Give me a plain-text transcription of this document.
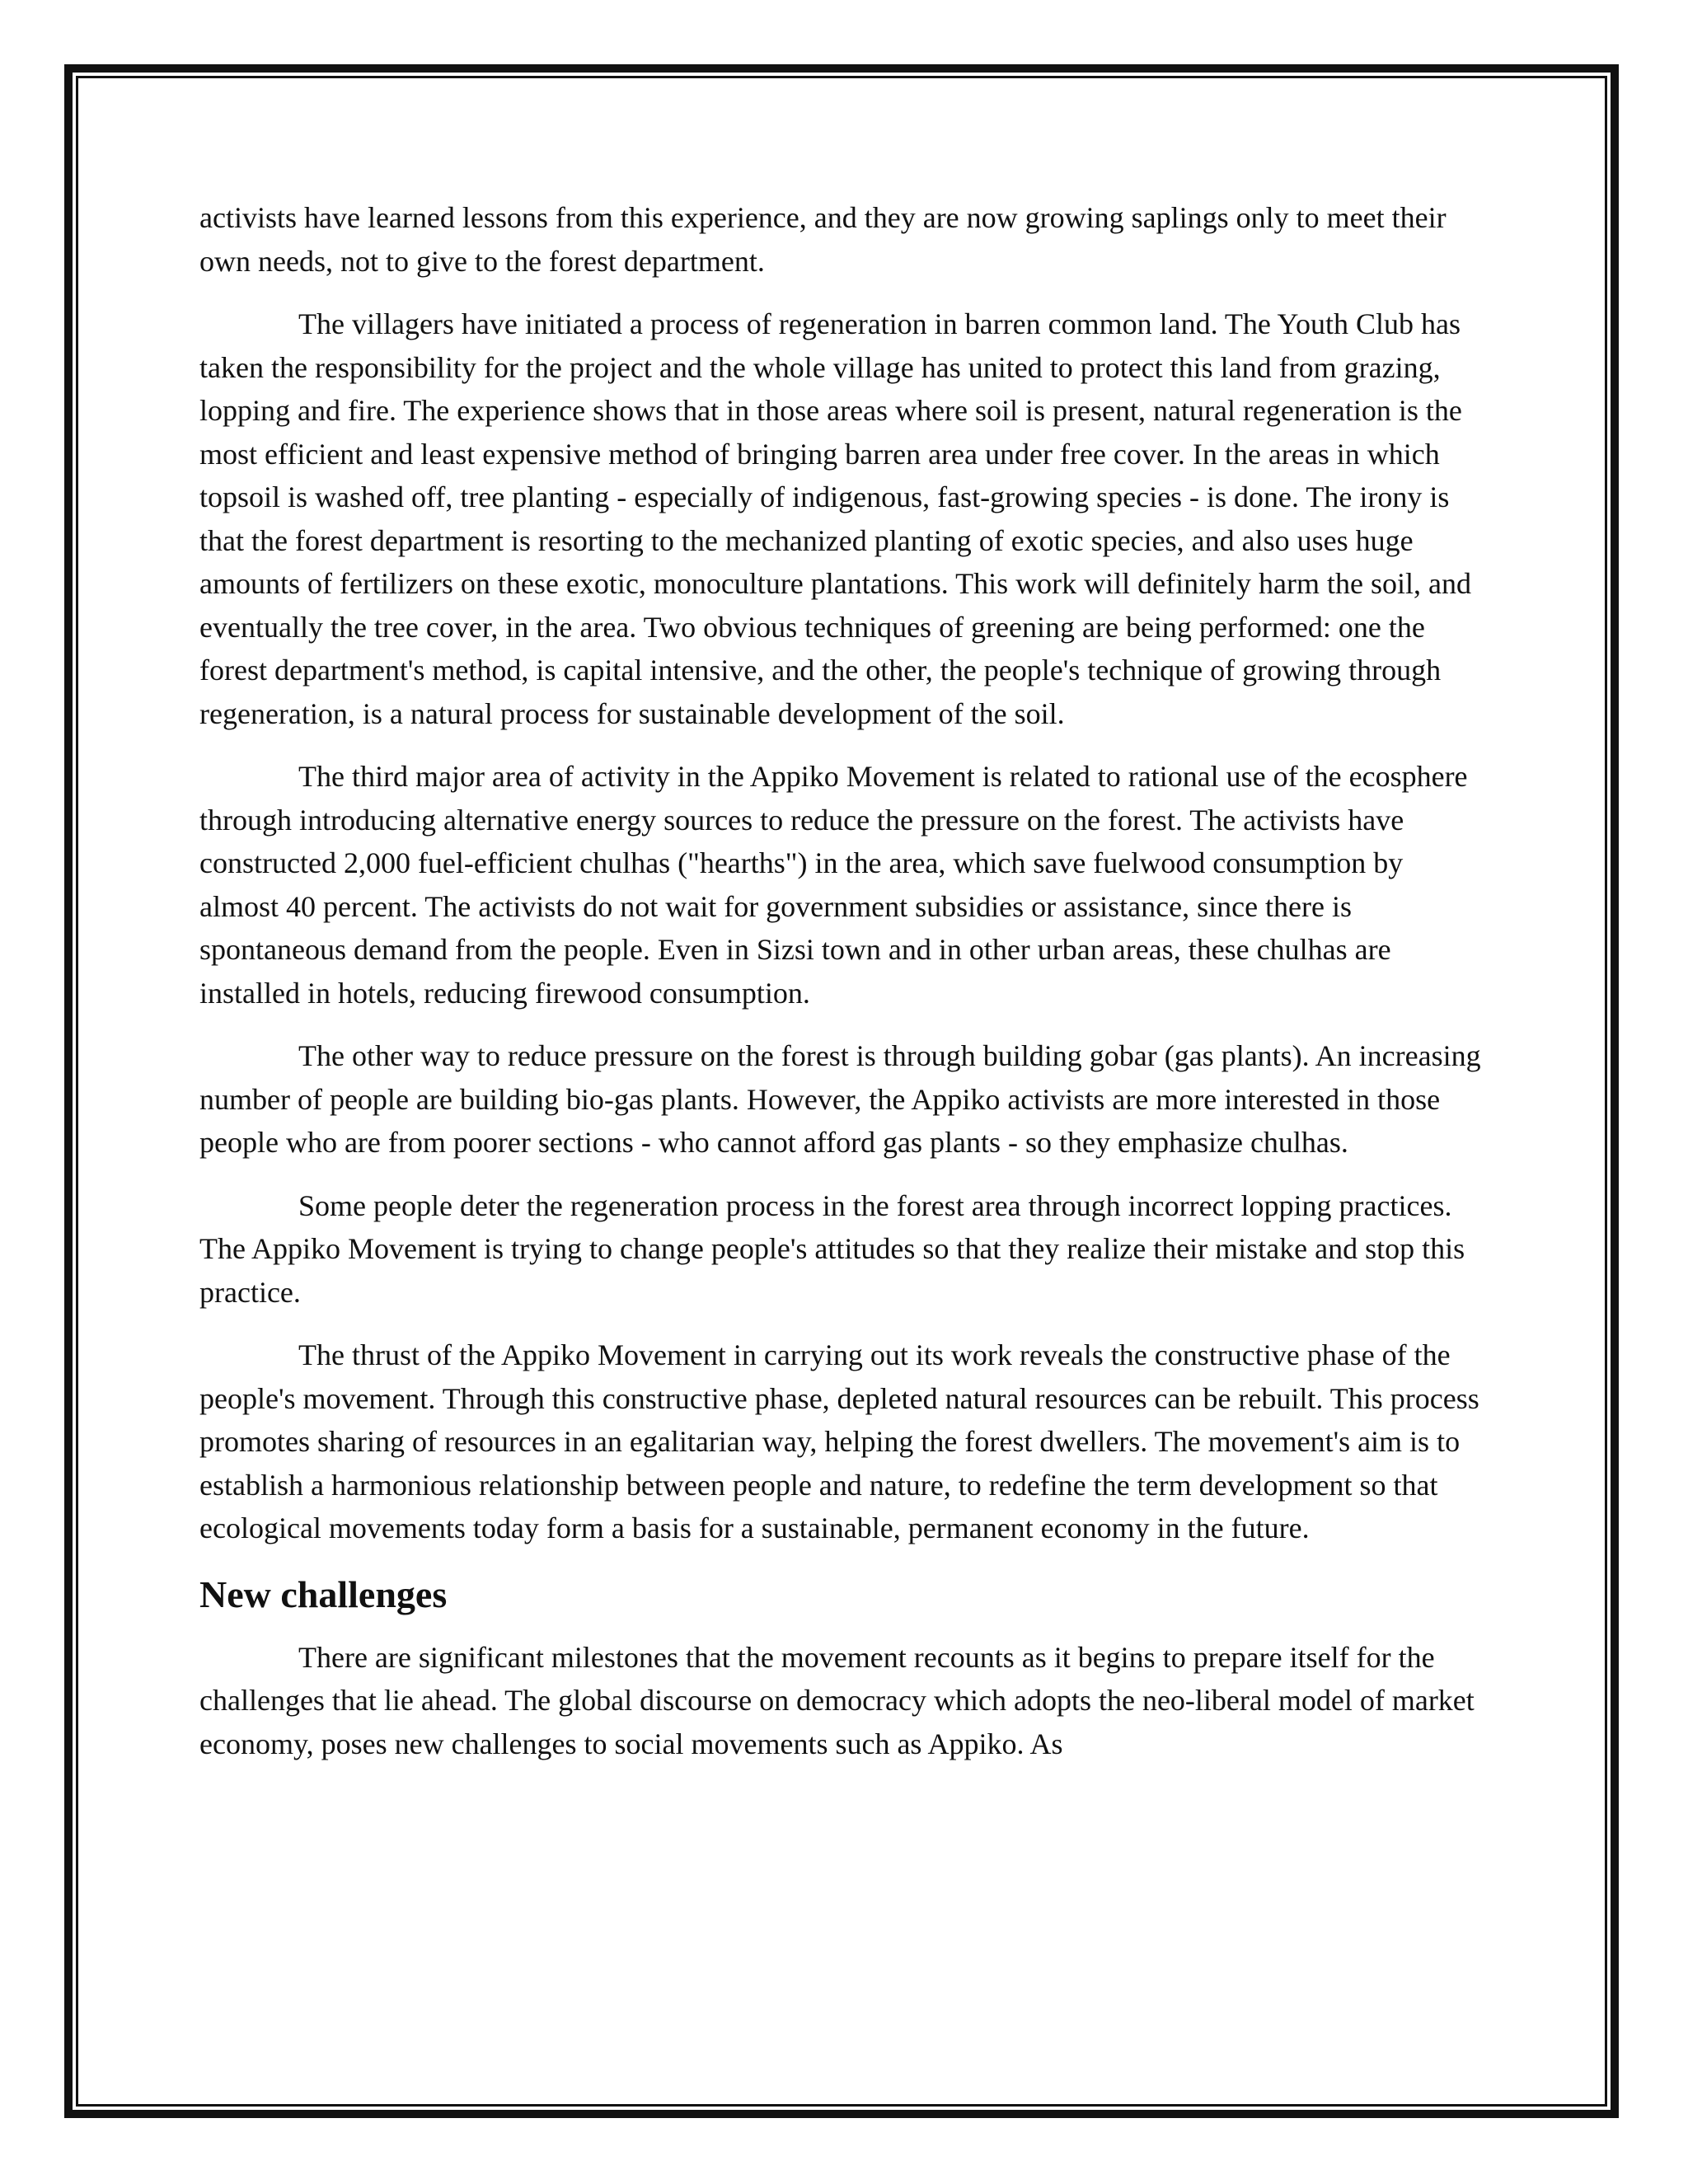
activists have learned lessons from this experience, and they are now growing saplings only to meet their own needs, not to give to the forest department.

The villagers have initiated a process of regeneration in barren common land. The Youth Club has taken the responsibility for the project and the whole village has united to protect this land from grazing, lopping and fire. The experience shows that in those areas where soil is present, natural regeneration is the most efficient and least expensive method of bringing barren area under free cover. In the areas in which topsoil is washed off, tree planting - especially of indigenous, fast-growing species - is done. The irony is that the forest department is resorting to the mechanized planting of exotic species, and also uses huge amounts of fertilizers on these exotic, monoculture plantations. This work will definitely harm the soil, and eventually the tree cover, in the area. Two obvious techniques of greening are being performed: one the forest department's method, is capital intensive, and the other, the people's technique of growing through regeneration, is a natural process for sustainable development of the soil.

The third major area of activity in the Appiko Movement is related to rational use of the ecosphere through introducing alternative energy sources to reduce the pressure on the forest. The activists have constructed 2,000 fuel-efficient chulhas ("hearths") in the area, which save fuelwood consumption by almost 40 percent. The activists do not wait for government subsidies or assistance, since there is spontaneous demand from the people. Even in Sizsi town and in other urban areas, these chulhas are installed in hotels, reducing firewood consumption.

The other way to reduce pressure on the forest is through building gobar (gas plants). An increasing number of people are building bio-gas plants. However, the Appiko activists are more interested in those people who are from poorer sections - who cannot afford gas plants - so they emphasize chulhas.

Some people deter the regeneration process in the forest area through incorrect lopping practices. The Appiko Movement is trying to change people's attitudes so that they realize their mistake and stop this practice.

The thrust of the Appiko Movement in carrying out its work reveals the constructive phase of the people's movement. Through this constructive phase, depleted natural resources can be rebuilt. This process promotes sharing of resources in an egalitarian way, helping the forest dwellers. The movement's aim is to establish a harmonious relationship between people and nature, to redefine the term development so that ecological movements today form a basis for a sustainable, permanent economy in the future.

New challenges

There are significant milestones that the movement recounts as it begins to prepare itself for the challenges that lie ahead. The global discourse on democracy which adopts the neo-liberal model of market economy, poses new challenges to social movements such as Appiko. As
